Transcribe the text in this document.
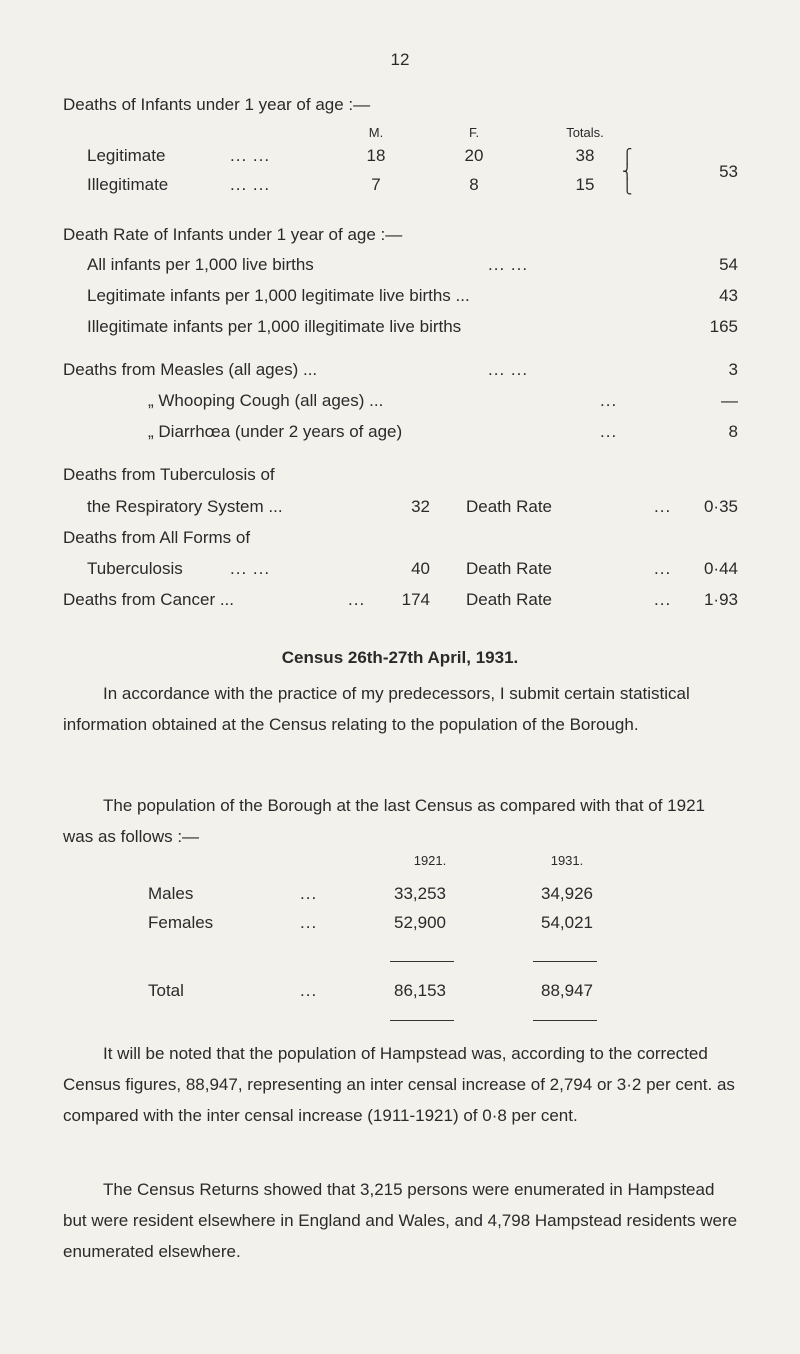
12
Deaths of Infants under 1 year of age :—
M.	F.	Totals.
Legitimate	... ...	18	20	38
Illegitimate	... ...	7	8	15
⎧
⎨
⎩
53
Death Rate of Infants under 1 year of age :—
All infants per 1,000 live births	... ...	54
Legitimate infants per 1,000 legitimate live births ...	43
Illegitimate infants per 1,000 illegitimate live births	165
Deaths from Measles (all ages) ...	... ...	3
„ Whooping Cough (all ages) ...	...	—
„ Diarrhœa (under 2 years of age)	...	8
Deaths from Tuberculosis of
the Respiratory System ...	32 Death Rate	...	0·35
Deaths from All Forms of
Tuberculosis	... ...	40 Death Rate	...	0·44
Deaths from Cancer ...	...	174 Death Rate	...	1·93
Census 26th-27th April, 1931.
In accordance with the practice of my predecessors, I submit certain statistical information obtained at the Census relating to the population of the Borough.
The population of the Borough at the last Census as compared with that of 1921 was as follows :—
1921.	1931.
Males	...	33,253	34,926
Females	...	52,900	54,021
Total	...	86,153	88,947
It will be noted that the population of Hampstead was, according to the corrected Census figures, 88,947, representing an inter censal increase of 2,794 or 3·2 per cent. as compared with the inter censal increase (1911-1921) of 0·8 per cent.
The Census Returns showed that 3,215 persons were enumerated in Hampstead but were resident elsewhere in England and Wales, and 4,798 Hampstead residents were enumerated elsewhere.
